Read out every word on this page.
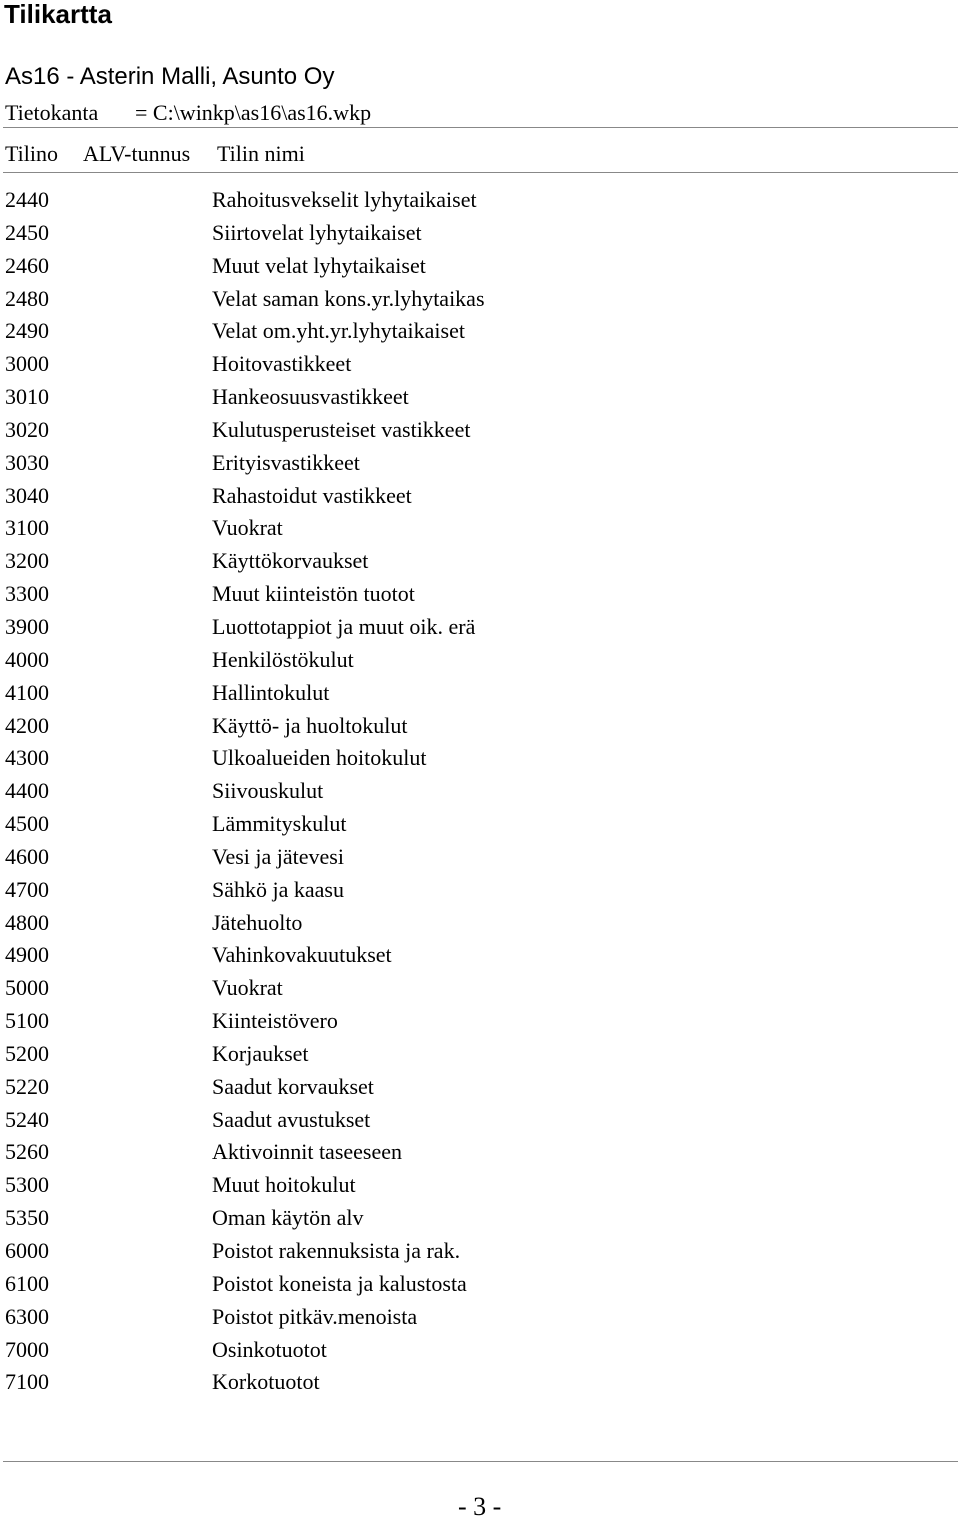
Tilikartta
As16 - Asterin Malli, Asunto Oy
Tietokanta = C:\winkp\as16\as16.wkp
Tilino ALV-tunnus Tilin nimi
2440	Rahoitusvekselit lyhytaikaiset
2450	Siirtovelat lyhytaikaiset
2460	Muut velat lyhytaikaiset
2480	Velat saman kons.yr.lyhytaikas
2490	Velat om.yht.yr.lyhytaikaiset
3000	Hoitovastikkeet
3010	Hankeosuusvastikkeet
3020	Kulutusperusteiset vastikkeet
3030	Erityisvastikkeet
3040	Rahastoidut vastikkeet
3100	Vuokrat
3200	Käyttökorvaukset
3300	Muut kiinteistön tuotot
3900	Luottotappiot ja muut oik. erä
4000	Henkilöstökulut
4100	Hallintokulut
4200	Käyttö- ja huoltokulut
4300	Ulkoalueiden hoitokulut
4400	Siivouskulut
4500	Lämmityskulut
4600	Vesi ja jätevesi
4700	Sähkö ja kaasu
4800	Jätehuolto
4900	Vahinkovakuutukset
5000	Vuokrat
5100	Kiinteistövero
5200	Korjaukset
5220	Saadut korvaukset
5240	Saadut avustukset
5260	Aktivoinnit taseeseen
5300	Muut hoitokulut
5350	Oman käytön alv
6000	Poistot rakennuksista ja rak.
6100	Poistot koneista ja kalustosta
6300	Poistot pitkäv.menoista
7000	Osinkotuotot
7100	Korkotuotot
- 3 -
